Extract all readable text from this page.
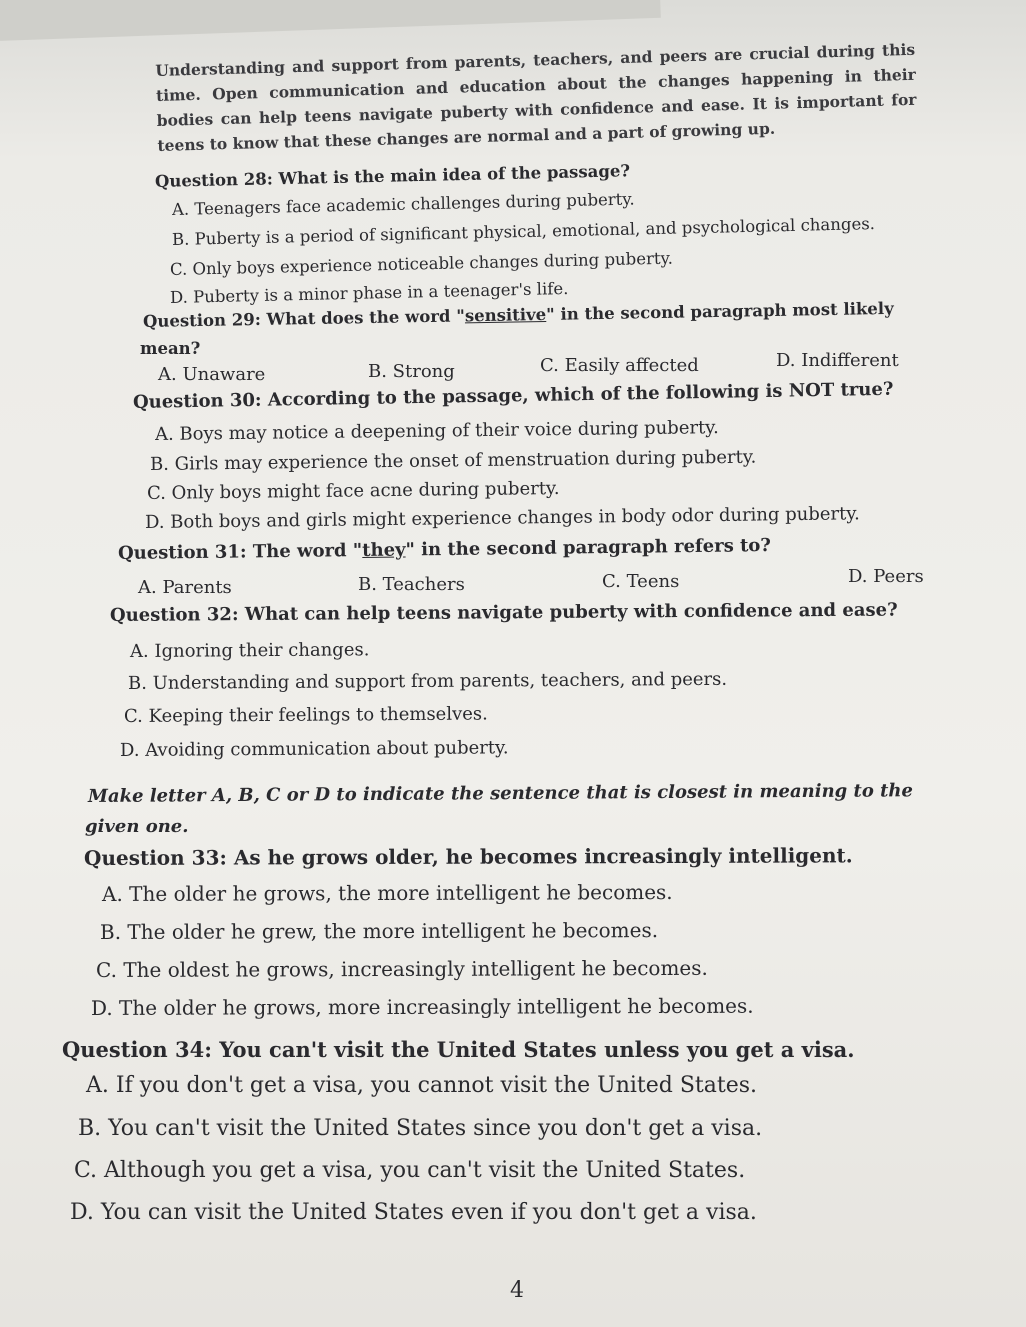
Understanding and support from parents, teachers, and peers are crucial during this time. Open communication and education about the changes happening in their bodies can help teens navigate puberty with confidence and ease. It is important for teens to know that these changes are normal and a part of growing up.

Question 28: What is the main idea of the passage?
A. Teenagers face academic challenges during puberty.
B. Puberty is a period of significant physical, emotional, and psychological changes.
C. Only boys experience noticeable changes during puberty.
D. Puberty is a minor phase in a teenager's life.
Question 29: What does the word "sensitive" in the second paragraph most likely
mean?
A. Unaware	B. Strong	C. Easily affected	D. Indifferent
Question 30: According to the passage, which of the following is NOT true?
A. Boys may notice a deepening of their voice during puberty.
B. Girls may experience the onset of menstruation during puberty.
C. Only boys might face acne during puberty.
D. Both boys and girls might experience changes in body odor during puberty.
Question 31: The word "they" in the second paragraph refers to?
A. Parents	B. Teachers	C. Teens	D. Peers
Question 32: What can help teens navigate puberty with confidence and ease?
A. Ignoring their changes.
B. Understanding and support from parents, teachers, and peers.
C. Keeping their feelings to themselves.
D. Avoiding communication about puberty.
Make letter A, B, C or D to indicate the sentence that is closest in meaning to the
given one.
Question 33: As he grows older, he becomes increasingly intelligent.
A. The older he grows, the more intelligent he becomes.
B. The older he grew, the more intelligent he becomes.
C. The oldest he grows, increasingly intelligent he becomes.
D. The older he grows, more increasingly intelligent he becomes.
Question 34: You can't visit the United States unless you get a visa.
A. If you don't get a visa, you cannot visit the United States.
B. You can't visit the United States since you don't get a visa.
C. Although you get a visa, you can't visit the United States.
D. You can visit the United States even if you don't get a visa.
4
